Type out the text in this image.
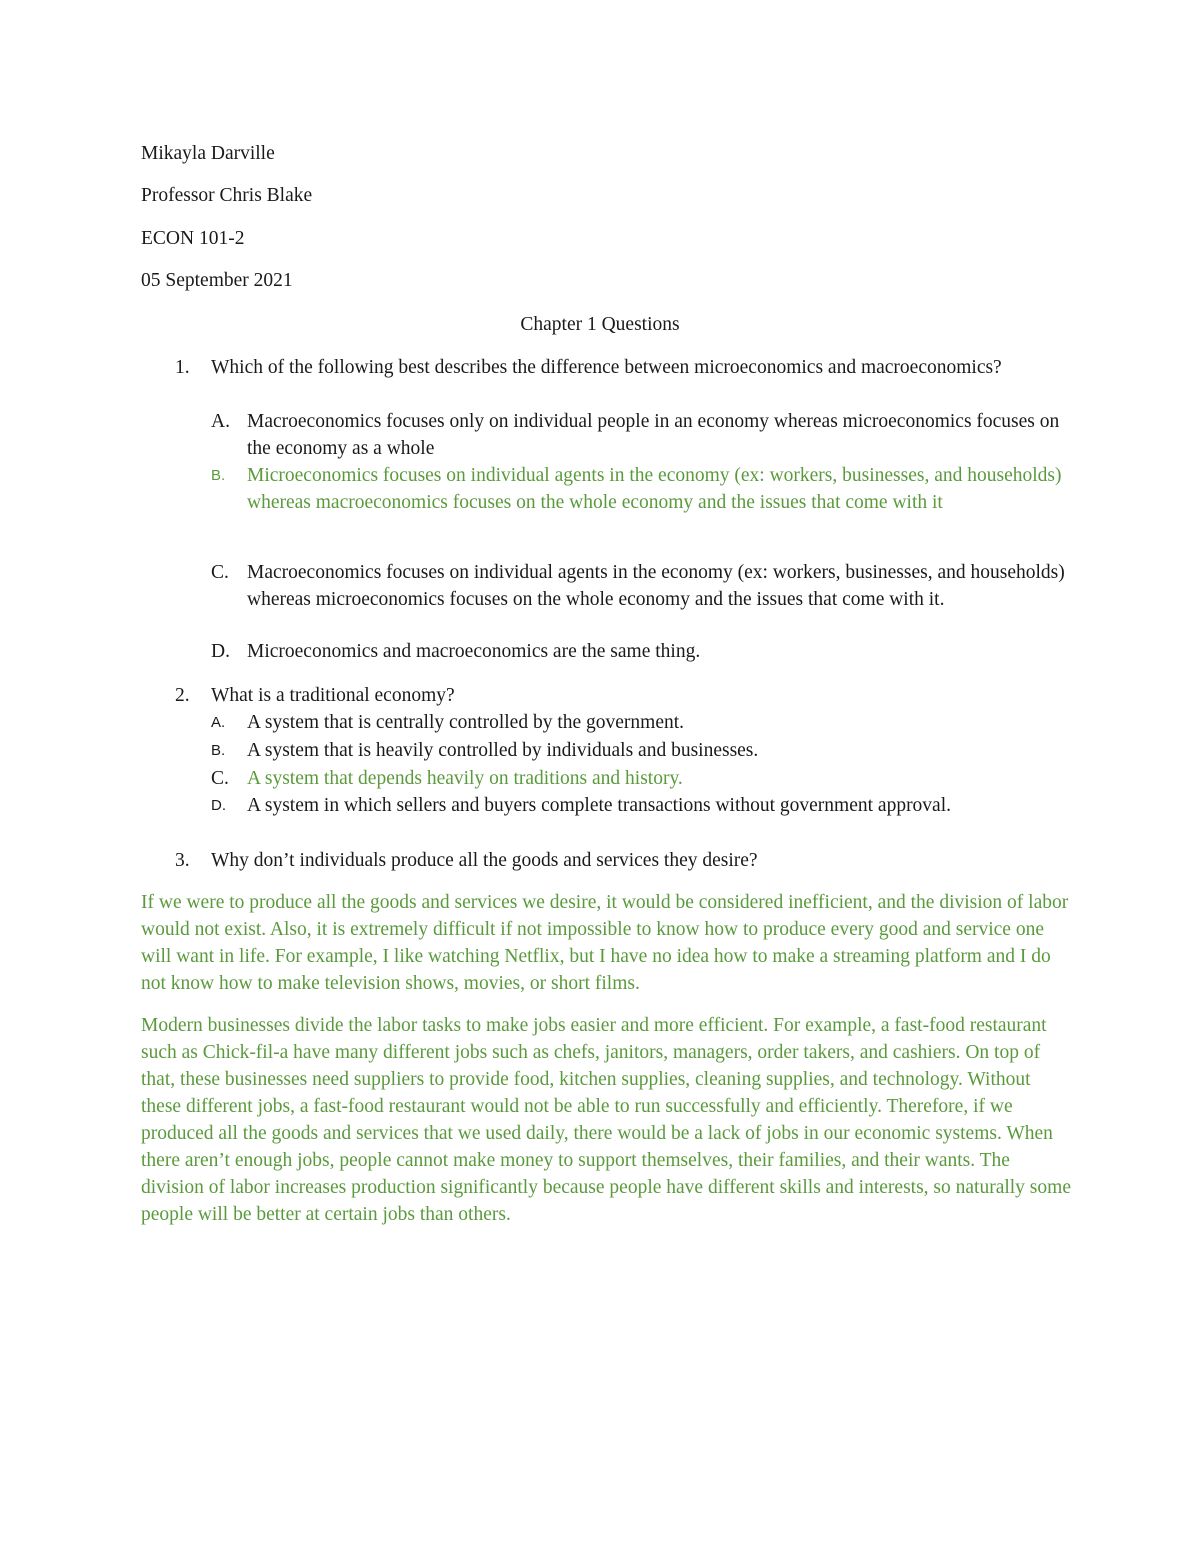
Mikayla Darville

Professor Chris Blake

ECON 101-2

05 September 2021

Chapter 1 Questions

1. Which of the following best describes the difference between microeconomics and macroeconomics?

A. Macroeconomics focuses only on individual people in an economy whereas microeconomics focuses on the economy as a whole

B. Microeconomics focuses on individual agents in the economy (ex: workers, businesses, and households) whereas macroeconomics focuses on the whole economy and the issues that come with it

C. Macroeconomics focuses on individual agents in the economy (ex: workers, businesses, and households) whereas microeconomics focuses on the whole economy and the issues that come with it.

D. Microeconomics and macroeconomics are the same thing.

2. What is a traditional economy?

A. A system that is centrally controlled by the government.

B. A system that is heavily controlled by individuals and businesses.

C. A system that depends heavily on traditions and history.

D. A system in which sellers and buyers complete transactions without government approval.

3. Why don’t individuals produce all the goods and services they desire?

If we were to produce all the goods and services we desire, it would be considered inefficient, and the division of labor would not exist. Also, it is extremely difficult if not impossible to know how to produce every good and service one will want in life. For example, I like watching Netflix, but I have no idea how to make a streaming platform and I do not know how to make television shows, movies, or short films.

Modern businesses divide the labor tasks to make jobs easier and more efficient. For example, a fast-food restaurant such as Chick-fil-a have many different jobs such as chefs, janitors, managers, order takers, and cashiers. On top of that, these businesses need suppliers to provide food, kitchen supplies, cleaning supplies, and technology. Without these different jobs, a fast-food restaurant would not be able to run successfully and efficiently. Therefore, if we produced all the goods and services that we used daily, there would be a lack of jobs in our economic systems. When there aren’t enough jobs, people cannot make money to support themselves, their families, and their wants. The division of labor increases production significantly because people have different skills and interests, so naturally some people will be better at certain jobs than others.
